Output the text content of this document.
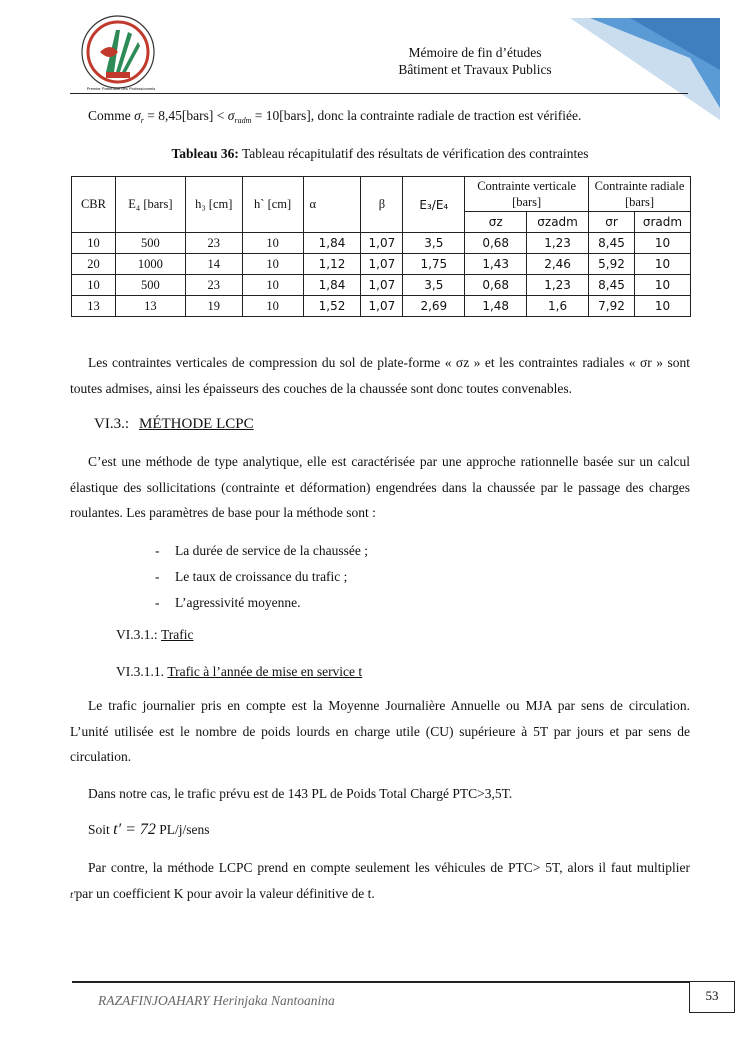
Premier Partenaire des Professionnels
Mémoire de fin d’études
Bâtiment et Travaux Publics

Comme $\sigma_r$ = 8,45[bars] < $\sigma_{radm}$ = 10[bars], donc la contrainte radiale de traction est vérifiée.

Tableau 36: Tableau récapitulatif des résultats de vérification des contraintes
CBR	E₄ [bars]	h₃ [cm]	h` [cm]	α	β	E₃/E₄	Contrainte verticale [bars]		Contrainte radiale [bars]	
							σz	σzadm	σr	σradm
10	500	23	10	1,84	1,07	3,5	0,68	1,23	8,45	10
20	1000	14	10	1,12	1,07	1,75	1,43	2,46	5,92	10
10	500	23	10	1,84	1,07	3,5	0,68	1,23	8,45	10
13	13	19	10	1,52	1,07	2,69	1,48	1,6	7,92	10

Les contraintes verticales de compression du sol de plate-forme « σz » et les contraintes radiales « σr » sont toutes admises, ainsi les épaisseurs des couches de la chaussée sont donc toutes convenables.

VI.3.: MÉTHODE LCPC

C’est une méthode de type analytique, elle est caractérisée par une approche rationnelle basée sur un calcul élastique des sollicitations (contrainte et déformation) engendrées dans la chaussée par le passage des charges roulantes. Les paramètres de base pour la méthode sont :

- La durée de service de la chaussée ;
- Le taux de croissance du trafic ;
- L’agressivité moyenne.
VI.3.1.: Trafic
VI.3.1.1. Trafic à l’année de mise en service t

Le trafic journalier pris en compte est la Moyenne Journalière Annuelle ou MJA par sens de circulation. L’unité utilisée est le nombre de poids lourds en charge utile (CU) supérieure à 5T par jours et par sens de circulation.

Dans notre cas, le trafic prévu est de 143 PL de Poids Total Chargé PTC>3,5T.

Soit t′ = 72 PL/j/sens

Par contre, la méthode LCPC prend en compte seulement les véhicules de PTC> 5T, alors il faut multiplier t′par un coefficient K pour avoir la valeur définitive de t.

53
RAZAFINJOAHARY Herinjaka Nantoanina
